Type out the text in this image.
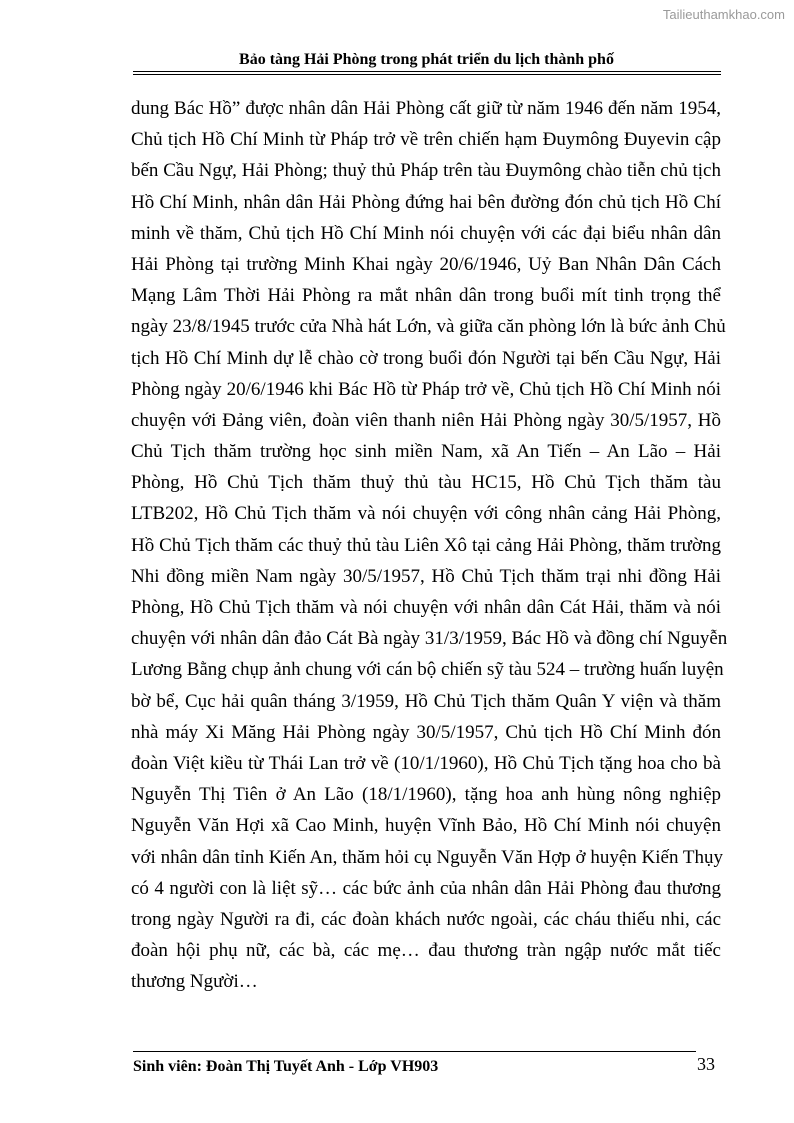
Tailieuthamkhao.com
Bảo tàng Hải Phòng trong phát triển du lịch thành phố
dung Bác Hồ” được nhân dân Hải Phòng cất giữ từ năm 1946 đến năm 1954,
Chủ tịch Hồ Chí Minh từ Pháp trở về trên chiến hạm Đuymông Đuyevin cập
bến Cầu Ngự, Hải Phòng; thuỷ thủ Pháp trên tàu Đuymông chào tiễn chủ tịch
Hồ Chí Minh, nhân dân Hải Phòng đứng hai bên đường đón chủ tịch Hồ Chí
minh về thăm, Chủ tịch Hồ Chí Minh nói chuyện với các đại biểu nhân dân
Hải Phòng tại trường Minh Khai ngày 20/6/1946, Uỷ Ban Nhân Dân Cách
Mạng Lâm Thời Hải Phòng ra mắt nhân dân trong buổi mít tinh trọng thể
ngày 23/8/1945 trước cửa Nhà hát Lớn, và giữa căn phòng lớn là bức ảnh Chủ
tịch Hồ Chí Minh dự lễ chào cờ trong buổi đón Người tại bến Cầu Ngự, Hải
Phòng ngày 20/6/1946 khi Bác Hồ từ Pháp trở về, Chủ tịch Hồ Chí Minh nói
chuyện với Đảng viên, đoàn viên thanh niên Hải Phòng ngày 30/5/1957, Hồ
Chủ Tịch thăm trường học sinh miền Nam, xã An Tiến – An Lão – Hải
Phòng, Hồ Chủ Tịch thăm thuỷ thủ tàu HC15, Hồ Chủ Tịch thăm tàu
LTB202, Hồ Chủ Tịch thăm và nói chuyện với công nhân cảng Hải Phòng,
Hồ Chủ Tịch thăm các thuỷ thủ tàu Liên Xô tại cảng Hải Phòng, thăm trường
Nhi đồng miền Nam ngày 30/5/1957, Hồ Chủ Tịch thăm trại nhi đồng Hải
Phòng, Hồ Chủ Tịch thăm và nói chuyện với nhân dân Cát Hải, thăm và nói
chuyện với nhân dân đảo Cát Bà ngày 31/3/1959, Bác Hồ và đồng chí Nguyễn
Lương Bằng chụp ảnh chung với cán bộ chiến sỹ tàu 524 – trường huấn luyện
bờ bể, Cục hải quân tháng 3/1959, Hồ Chủ Tịch thăm Quân Y viện và thăm
nhà máy Xi Măng Hải Phòng ngày 30/5/1957, Chủ tịch Hồ Chí Minh đón
đoàn Việt kiều từ Thái Lan trở về (10/1/1960), Hồ Chủ Tịch tặng hoa cho bà
Nguyễn Thị Tiên ở An Lão (18/1/1960), tặng hoa anh hùng nông nghiệp
Nguyễn Văn Hợi xã Cao Minh, huyện Vĩnh Bảo, Hồ Chí Minh nói chuyện
với nhân dân tỉnh Kiến An, thăm hỏi cụ Nguyễn Văn Hợp ở huyện Kiến Thụy
có 4 người con là liệt sỹ… các bức ảnh của nhân dân Hải Phòng đau thương
trong ngày Người ra đi, các đoàn khách nước ngoài, các cháu thiếu nhi, các
đoàn hội phụ nữ, các bà, các mẹ… đau thương tràn ngập nước mắt tiếc
thương Người…
Sinh viên: Đoàn Thị Tuyết Anh - Lớp VH903	33
